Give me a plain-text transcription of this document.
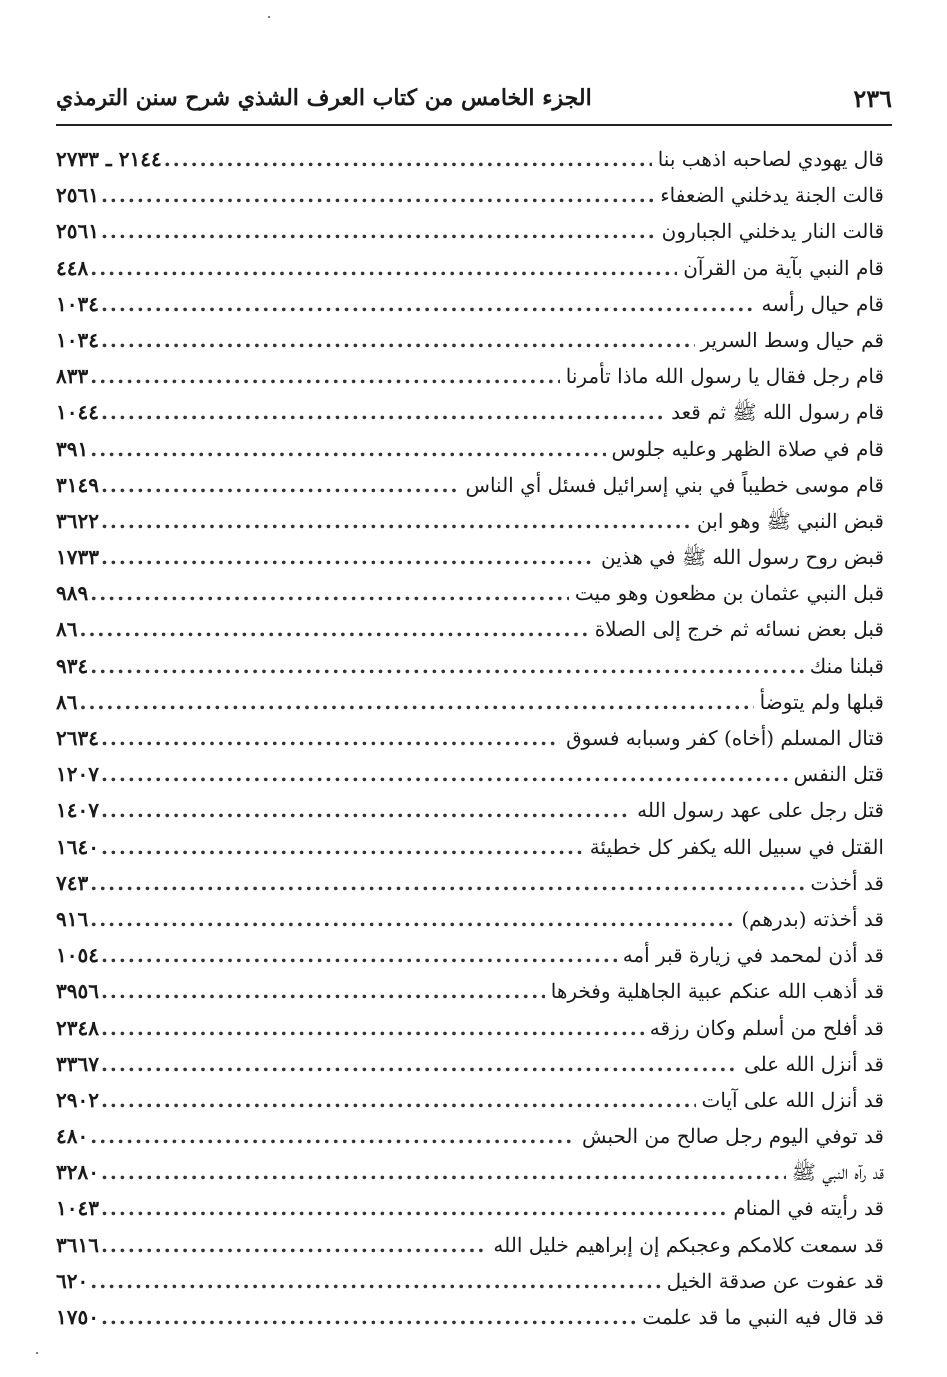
٢٣٦
الجزء الخامس من كتاب العرف الشذي شرح سنن الترمذي
قال يهودي لصاحبه اذهب بنا
.....
٢١٤٤ ـ ٢٧٣٣
قالت الجنة يدخلني الضعفاء
.....
٢٥٦١
قالت النار يدخلني الجبارون
.....
٢٥٦١
قام النبي بآية من القرآن
.....
٤٤٨
قام حيال رأسه
.....
١٠٣٤
قم حيال وسط السرير
.....
١٠٣٤
قام رجل فقال يا رسول الله ماذا تأمرنا
.....
٨٣٣
قام رسول الله ﷺ ثم قعد
.....
١٠٤٤
قام في صلاة الظهر وعليه جلوس
.....
٣٩١
قام موسى خطيباً في بني إسرائيل فسئل أي الناس
.....
٣١٤٩
قبض النبي ﷺ وهو ابن
.....
٣٦٢٢
قبض روح رسول الله ﷺ في هذين
.....
١٧٣٣
قبل النبي عثمان بن مظعون وهو ميت
.....
٩٨٩
قبل بعض نسائه ثم خرج إلى الصلاة
.....
٨٦
قبلنا منك
.....
٩٣٤
قبلها ولم يتوضأ
.....
٨٦
قتال المسلم (أخاه) كفر وسبابه فسوق
.....
٢٦٣٤
قتل النفس
.....
١٢٠٧
قتل رجل على عهد رسول الله
.....
١٤٠٧
القتل في سبيل الله يكفر كل خطيئة
.....
١٦٤٠
قد أخذت
.....
٧٤٣
قد أخذته (بدرهم)
.....
٩١٦
قد أذن لمحمد في زيارة قبر أمه
.....
١٠٥٤
قد أذهب الله عنكم عبية الجاهلية وفخرها
.....
٣٩٥٦
قد أفلح من أسلم وكان رزقه
.....
٢٣٤٨
قد أنزل الله على
.....
٣٣٦٧
قد أنزل الله على آيات
.....
٢٩٠٢
قد توفي اليوم رجل صالح من الحبش
.....
٤٨٠
قد رآه النبي ﷺ
.....
٣٢٨٠
قد رأيته في المنام
.....
١٠٤٣
قد سمعت كلامكم وعجبكم إن إبراهيم خليل الله
.....
٣٦١٦
قد عفوت عن صدقة الخيل
.....
٦٢٠
قد قال فيه النبي ما قد علمت
.....
١٧٥٠
